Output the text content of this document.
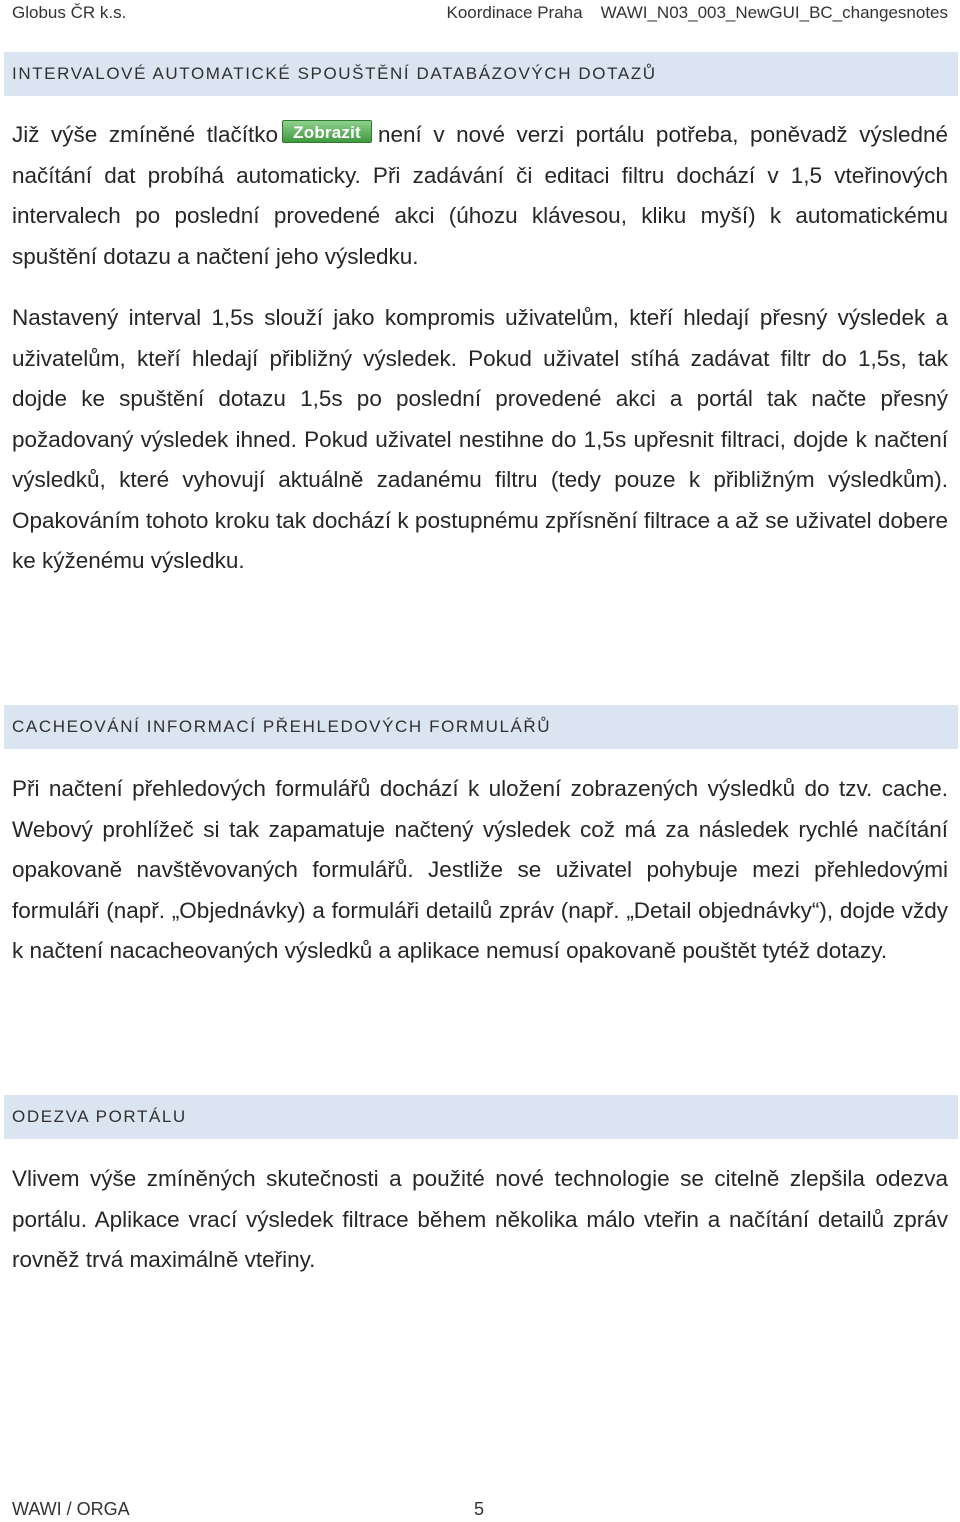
Globus ČR k.s.	Koordinace Praha WAWI_N03_003_NewGUI_BC_changesnotes
INTERVALOVÉ AUTOMATICKÉ SPOUŠTĚNÍ DATABÁZOVÝCH DOTAZŮ

Již výše zmíněné tlačítko Zobrazit není v nové verzi portálu potřeba, poněvadž výsledné načítání dat probíhá automaticky. Při zadávání či editaci filtru dochází v 1,5 vteřinových intervalech po poslední provedené akci (úhozu klávesou, kliku myší) k automatickému spuštění dotazu a načtení jeho výsledku.

Nastavený interval 1,5s slouží jako kompromis uživatelům, kteří hledají přesný výsledek a uživatelům, kteří hledají přibližný výsledek. Pokud uživatel stíhá zadávat filtr do 1,5s, tak dojde ke spuštění dotazu 1,5s po poslední provedené akci a portál tak načte přesný požadovaný výsledek ihned. Pokud uživatel nestihne do 1,5s upřesnit filtraci, dojde k načtení výsledků, které vyhovují aktuálně zadanému filtru (tedy pouze k přibližným výsledkům). Opakováním tohoto kroku tak dochází k postupnému zpřísnění filtrace a až se uživatel dobere ke kýženému výsledku.

CACHEOVÁNÍ INFORMACÍ PŘEHLEDOVÝCH FORMULÁŘŮ

Při načtení přehledových formulářů dochází k uložení zobrazených výsledků do tzv. cache. Webový prohlížeč si tak zapamatuje načtený výsledek což má za následek rychlé načítání opakovaně navštěvovaných formulářů. Jestliže se uživatel pohybuje mezi přehledovými formuláři (např. „Objednávky) a formuláři detailů zpráv (např. „Detail objednávky“), dojde vždy k načtení nacacheovaných výsledků a aplikace nemusí opakovaně pouštět tytéž dotazy.

ODEZVA PORTÁLU

Vlivem výše zmíněných skutečnosti a použité nové technologie se citelně zlepšila odezva portálu. Aplikace vrací výsledek filtrace během několika málo vteřin a načítání detailů zpráv rovněž trvá maximálně vteřiny.

WAWI / ORGA	5
